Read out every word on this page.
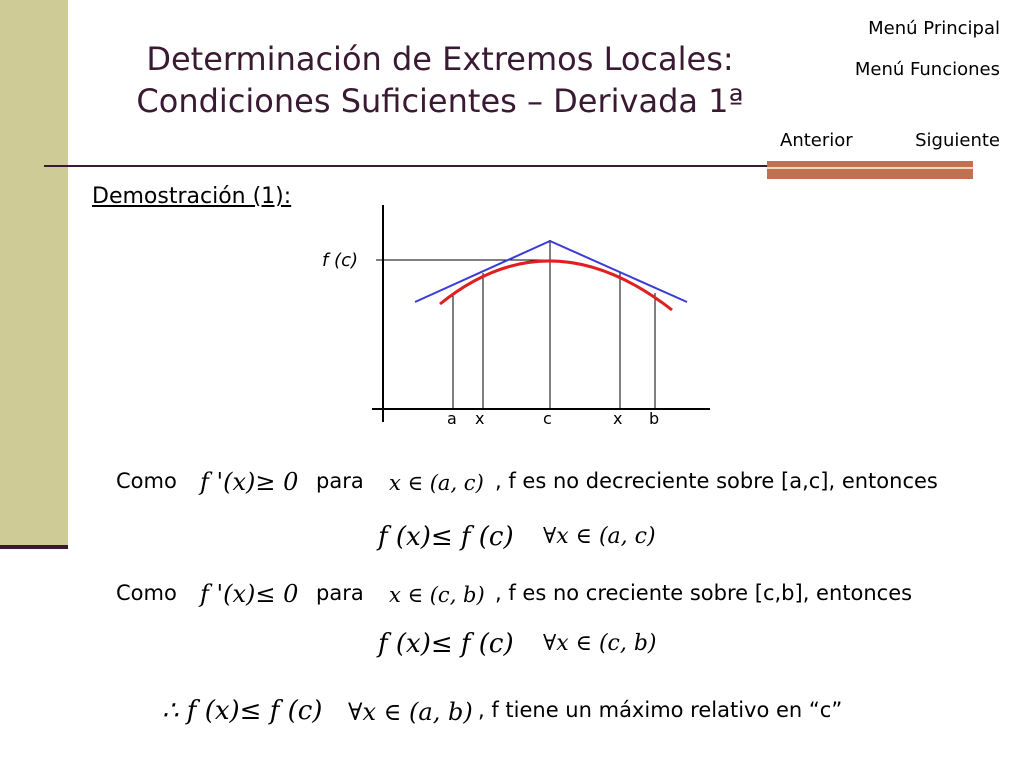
Determinación de Extremos Locales:
Condiciones Suficientes – Derivada 1ª
Menú Principal
Menú Funciones
Anterior	Siguiente
Demostración (1):
f (c)
a x	c	x b
Como f '(x)≥ 0 para x ∈ (a, c) , f es no decreciente sobre [a,c], entonces
f (x)≤ f (c) ∀x ∈ (a, c)
Como f '(x)≤ 0 para x ∈ (c, b) , f es no creciente sobre [c,b], entonces
f (x)≤ f (c) ∀x ∈ (c, b)
∴ f (x)≤ f (c) ∀x ∈ (a, b) , f tiene un máximo relativo en “c”
